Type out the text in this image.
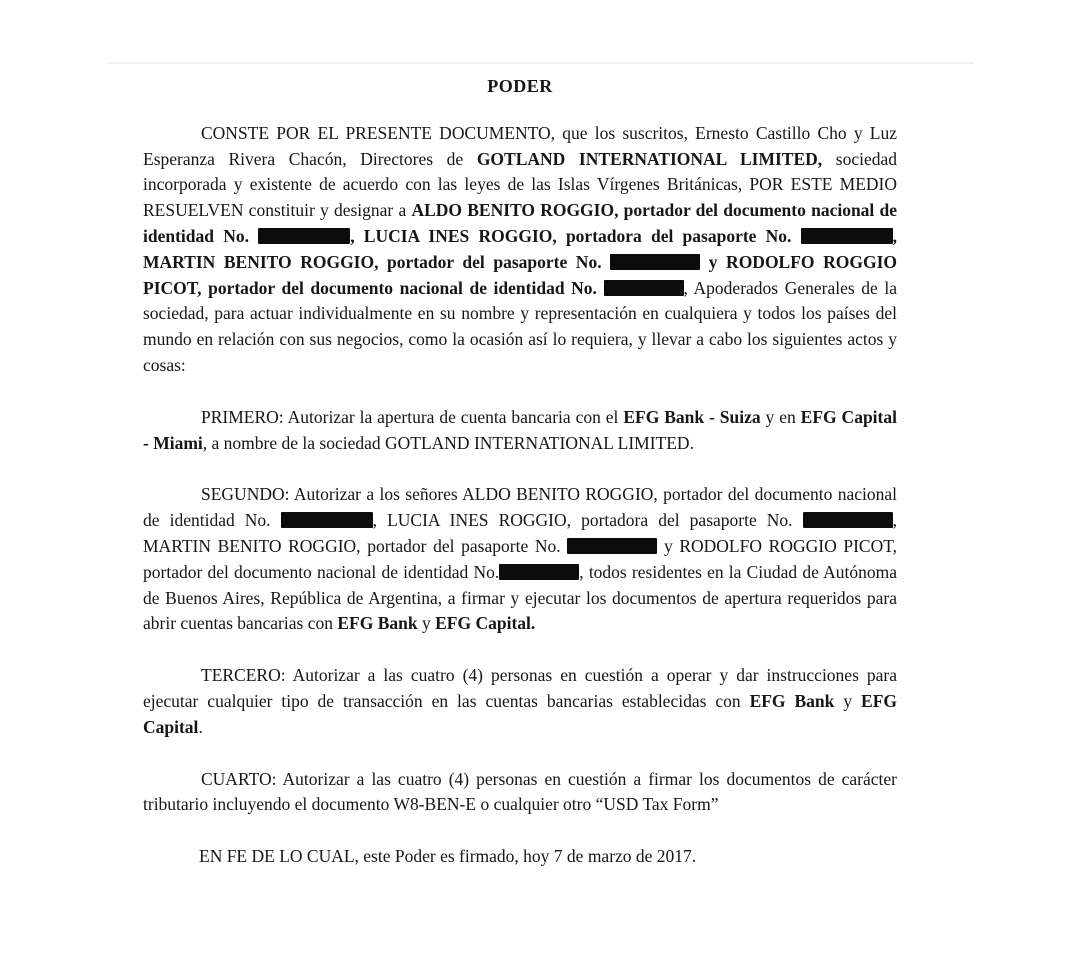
PODER

CONSTE POR EL PRESENTE DOCUMENTO, que los suscritos, Ernesto Castillo Cho y Luz Esperanza Rivera Chacón, Directores de GOTLAND INTERNATIONAL LIMITED, sociedad incorporada y existente de acuerdo con las leyes de las Islas Vírgenes Británicas, POR ESTE MEDIO RESUELVEN constituir y designar a ALDO BENITO ROGGIO, portador del documento nacional de identidad No.	, LUCIA INES ROGGIO, portadora del pasaporte No.	, MARTIN BENITO ROGGIO, portador del pasaporte No.	y RODOLFO ROGGIO PICOT, portador del documento nacional de identidad No.	, Apoderados Generales de la sociedad, para actuar individualmente en su nombre y representación en cualquiera y todos los países del mundo en relación con sus negocios, como la ocasión así lo requiera, y llevar a cabo los siguientes actos y cosas:

PRIMERO: Autorizar la apertura de cuenta bancaria con el EFG Bank - Suiza y en EFG Capital - Miami, a nombre de la sociedad GOTLAND INTERNATIONAL LIMITED.

SEGUNDO: Autorizar a los señores ALDO BENITO ROGGIO, portador del documento nacional de identidad No.	, LUCIA INES ROGGIO, portadora del pasaporte No.	, MARTIN BENITO ROGGIO, portador del pasaporte No.	y RODOLFO ROGGIO PICOT, portador del documento nacional de identidad No.	, todos residentes en la Ciudad de Autónoma de Buenos Aires, República de Argentina, a firmar y ejecutar los documentos de apertura requeridos para abrir cuentas bancarias con EFG Bank y EFG Capital.

TERCERO: Autorizar a las cuatro (4) personas en cuestión a operar y dar instrucciones para ejecutar cualquier tipo de transacción en las cuentas bancarias establecidas con EFG Bank y EFG Capital.

CUARTO: Autorizar a las cuatro (4) personas en cuestión a firmar los documentos de carácter tributario incluyendo el documento W8-BEN-E o cualquier otro “USD Tax Form”

EN FE DE LO CUAL, este Poder es firmado, hoy 7 de marzo de 2017.
